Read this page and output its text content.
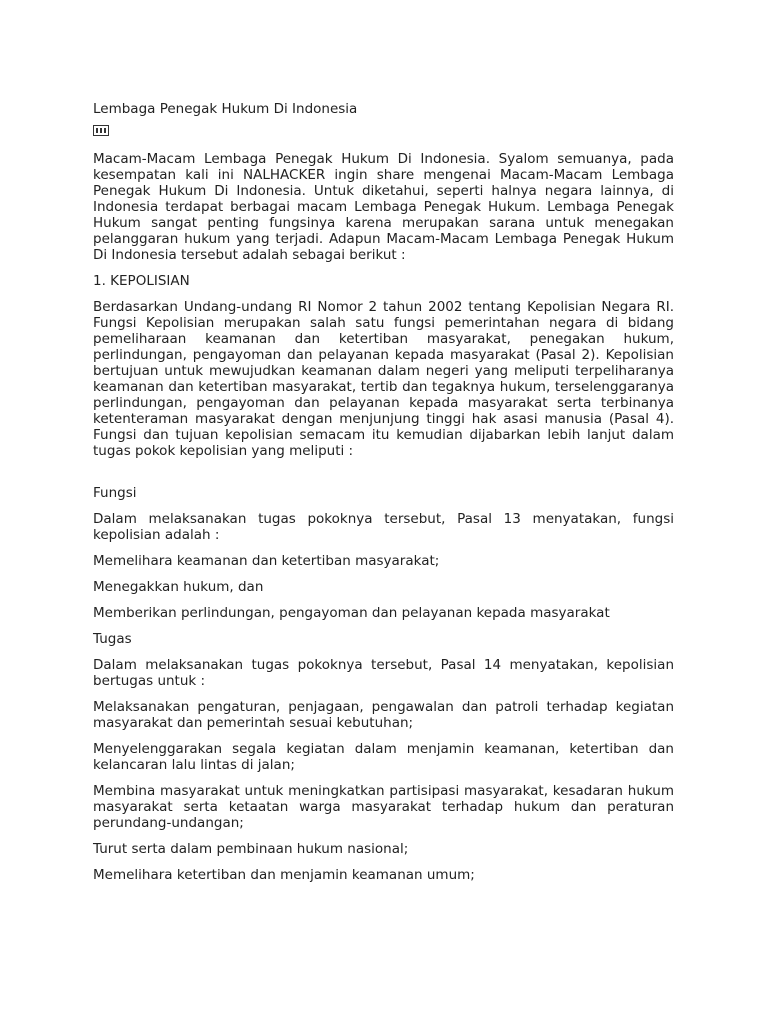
Lembaga Penegak Hukum Di Indonesia

Macam-Macam Lembaga Penegak Hukum Di Indonesia. Syalom semuanya, pada kesempatan kali ini NALHACKER ingin share mengenai Macam-Macam Lembaga Penegak Hukum Di Indonesia. Untuk diketahui, seperti halnya negara lainnya, di Indonesia terdapat berbagai macam Lembaga Penegak Hukum. Lembaga Penegak Hukum sangat penting fungsinya karena merupakan sarana untuk menegakan pelanggaran hukum yang terjadi. Adapun Macam-Macam Lembaga Penegak Hukum Di Indonesia tersebut adalah sebagai berikut :

1. KEPOLISIAN

Berdasarkan Undang-undang RI Nomor 2 tahun 2002 tentang Kepolisian Negara RI. Fungsi Kepolisian merupakan salah satu fungsi pemerintahan negara di bidang pemeliharaan keamanan dan ketertiban masyarakat, penegakan hukum, perlindungan, pengayoman dan pelayanan kepada masyarakat (Pasal 2). Kepolisian bertujuan untuk mewujudkan keamanan dalam negeri yang meliputi terpeliharanya keamanan dan ketertiban masyarakat, tertib dan tegaknya hukum, terselenggaranya perlindungan, pengayoman dan pelayanan kepada masyarakat serta terbinanya ketenteraman masyarakat dengan menjunjung tinggi hak asasi manusia (Pasal 4). Fungsi dan tujuan kepolisian semacam itu kemudian dijabarkan lebih lanjut dalam tugas pokok kepolisian yang meliputi :

Fungsi

Dalam melaksanakan tugas pokoknya tersebut, Pasal 13 menyatakan, fungsi kepolisian adalah :

Memelihara keamanan dan ketertiban masyarakat;

Menegakkan hukum, dan

Memberikan perlindungan, pengayoman dan pelayanan kepada masyarakat

Tugas

Dalam melaksanakan tugas pokoknya tersebut, Pasal 14 menyatakan, kepolisian bertugas untuk :

Melaksanakan pengaturan, penjagaan, pengawalan dan patroli terhadap kegiatan masyarakat dan pemerintah sesuai kebutuhan;

Menyelenggarakan segala kegiatan dalam menjamin keamanan, ketertiban dan kelancaran lalu lintas di jalan;

Membina masyarakat untuk meningkatkan partisipasi masyarakat, kesadaran hukum masyarakat serta ketaatan warga masyarakat terhadap hukum dan peraturan perundang-undangan;

Turut serta dalam pembinaan hukum nasional;

Memelihara ketertiban dan menjamin keamanan umum;
